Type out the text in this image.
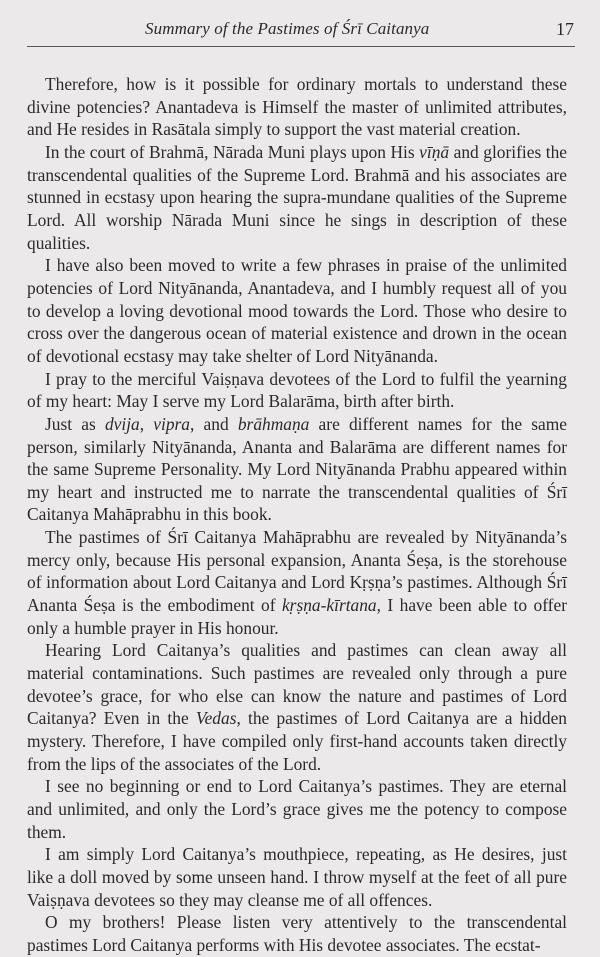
Summary of the Pastimes of Śrī Caitanya	17

Therefore, how is it possible for ordinary mortals to understand these divine potencies? Anantadeva is Himself the master of unlimited attributes, and He resides in Rasātala simply to support the vast material creation.

In the court of Brahmā, Nārada Muni plays upon His vīṇā and glorifies the transcendental qualities of the Supreme Lord. Brahmā and his associates are stunned in ecstasy upon hearing the supra-mundane qualities of the Supreme Lord. All worship Nārada Muni since he sings in description of these qualities.

I have also been moved to write a few phrases in praise of the unlimited potencies of Lord Nityānanda, Anantadeva, and I humbly request all of you to develop a loving devotional mood towards the Lord. Those who desire to cross over the dangerous ocean of material existence and drown in the ocean of devotional ecstasy may take shelter of Lord Nityānanda.

I pray to the merciful Vaiṣṇava devotees of the Lord to fulfil the yearning of my heart: May I serve my Lord Balarāma, birth after birth.

Just as dvija, vipra, and brāhmaṇa are different names for the same person, similarly Nityānanda, Ananta and Balarāma are different names for the same Supreme Personality. My Lord Nityānanda Prabhu appeared within my heart and instructed me to narrate the transcendental qualities of Śrī Caitanya Mahāprabhu in this book.

The pastimes of Śrī Caitanya Mahāprabhu are revealed by Nityānanda’s mercy only, because His personal expansion, Ananta Śeṣa, is the storehouse of information about Lord Caitanya and Lord Kṛṣṇa’s pastimes. Although Śrī Ananta Śeṣa is the embodiment of kṛṣṇa-kīrtana, I have been able to offer only a humble prayer in His honour.

Hearing Lord Caitanya’s qualities and pastimes can clean away all material contaminations. Such pastimes are revealed only through a pure devotee’s grace, for who else can know the nature and pastimes of Lord Caitanya? Even in the Vedas, the pastimes of Lord Caitanya are a hidden mystery. Therefore, I have compiled only first-hand accounts taken directly from the lips of the associates of the Lord.

I see no beginning or end to Lord Caitanya’s pastimes. They are eternal and unlimited, and only the Lord’s grace gives me the potency to compose them.

I am simply Lord Caitanya’s mouthpiece, repeating, as He desires, just like a doll moved by some unseen hand. I throw myself at the feet of all pure Vaiṣṇava devotees so they may cleanse me of all offences.

O my brothers! Please listen very attentively to the transcendental pastimes Lord Caitanya performs with His devotee associates. The ecstat-
